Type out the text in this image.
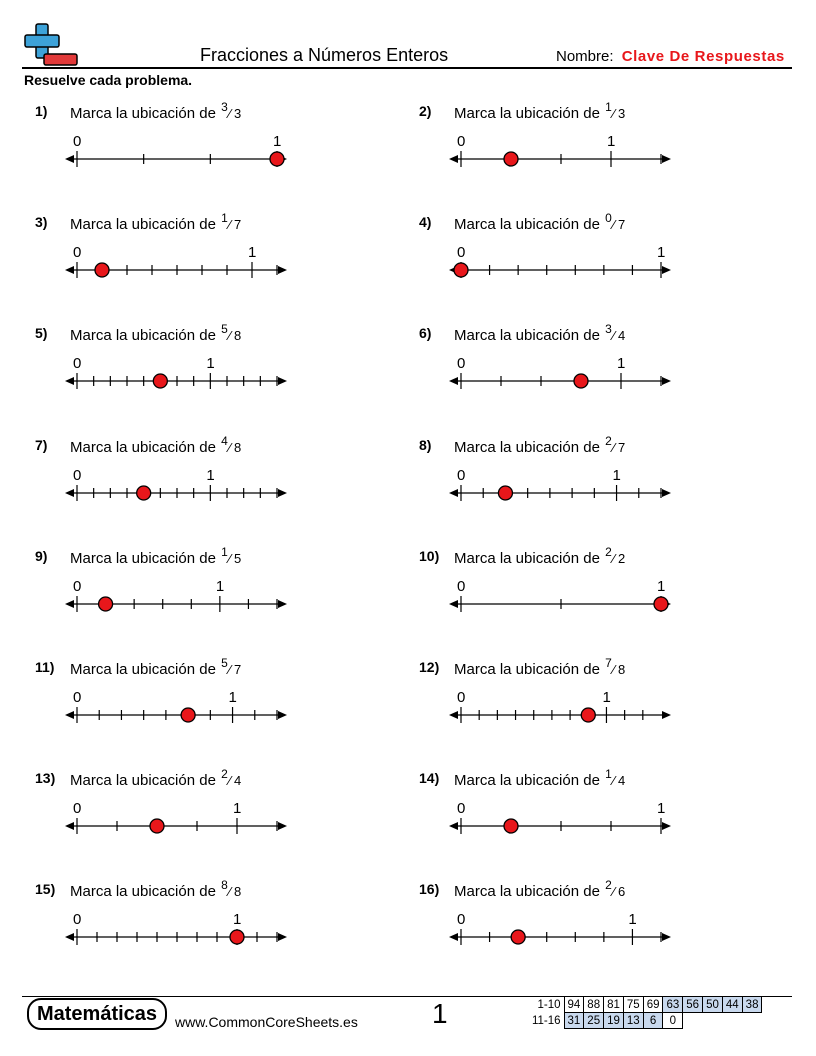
Fracciones a Números Enteros	Nombre: Clave De Respuestas
Resuelve cada problema.
1) Marca la ubicación de $^3$⁄ 3
0	1
2) Marca la ubicación de $^1$⁄ 3
0	1
3) Marca la ubicación de $^1$⁄ 7
0	1
4) Marca la ubicación de $^0$⁄ 7
0	1
5) Marca la ubicación de $^5$⁄ 8
0	1
6) Marca la ubicación de $^3$⁄ 4
0	1
7) Marca la ubicación de $^4$⁄ 8
0	1
8) Marca la ubicación de $^2$⁄ 7
0	1
9) Marca la ubicación de $^1$⁄ 5
0	1
10) Marca la ubicación de $^2$⁄ 2
0	1
11) Marca la ubicación de $^5$⁄ 7
0	1
12) Marca la ubicación de $^7$⁄ 8
0	1
13) Marca la ubicación de $^2$⁄ 4
0	1
14) Marca la ubicación de $^1$⁄ 4
0	1
15) Marca la ubicación de $^8$⁄ 8
0	1
16) Marca la ubicación de $^2$⁄ 6
0	1
Matemáticas	www.CommonCoreSheets.es	1	1-10	94	88	81	75	69	63	56	50	44	38
11-16	31	25	19	13	6	0				
